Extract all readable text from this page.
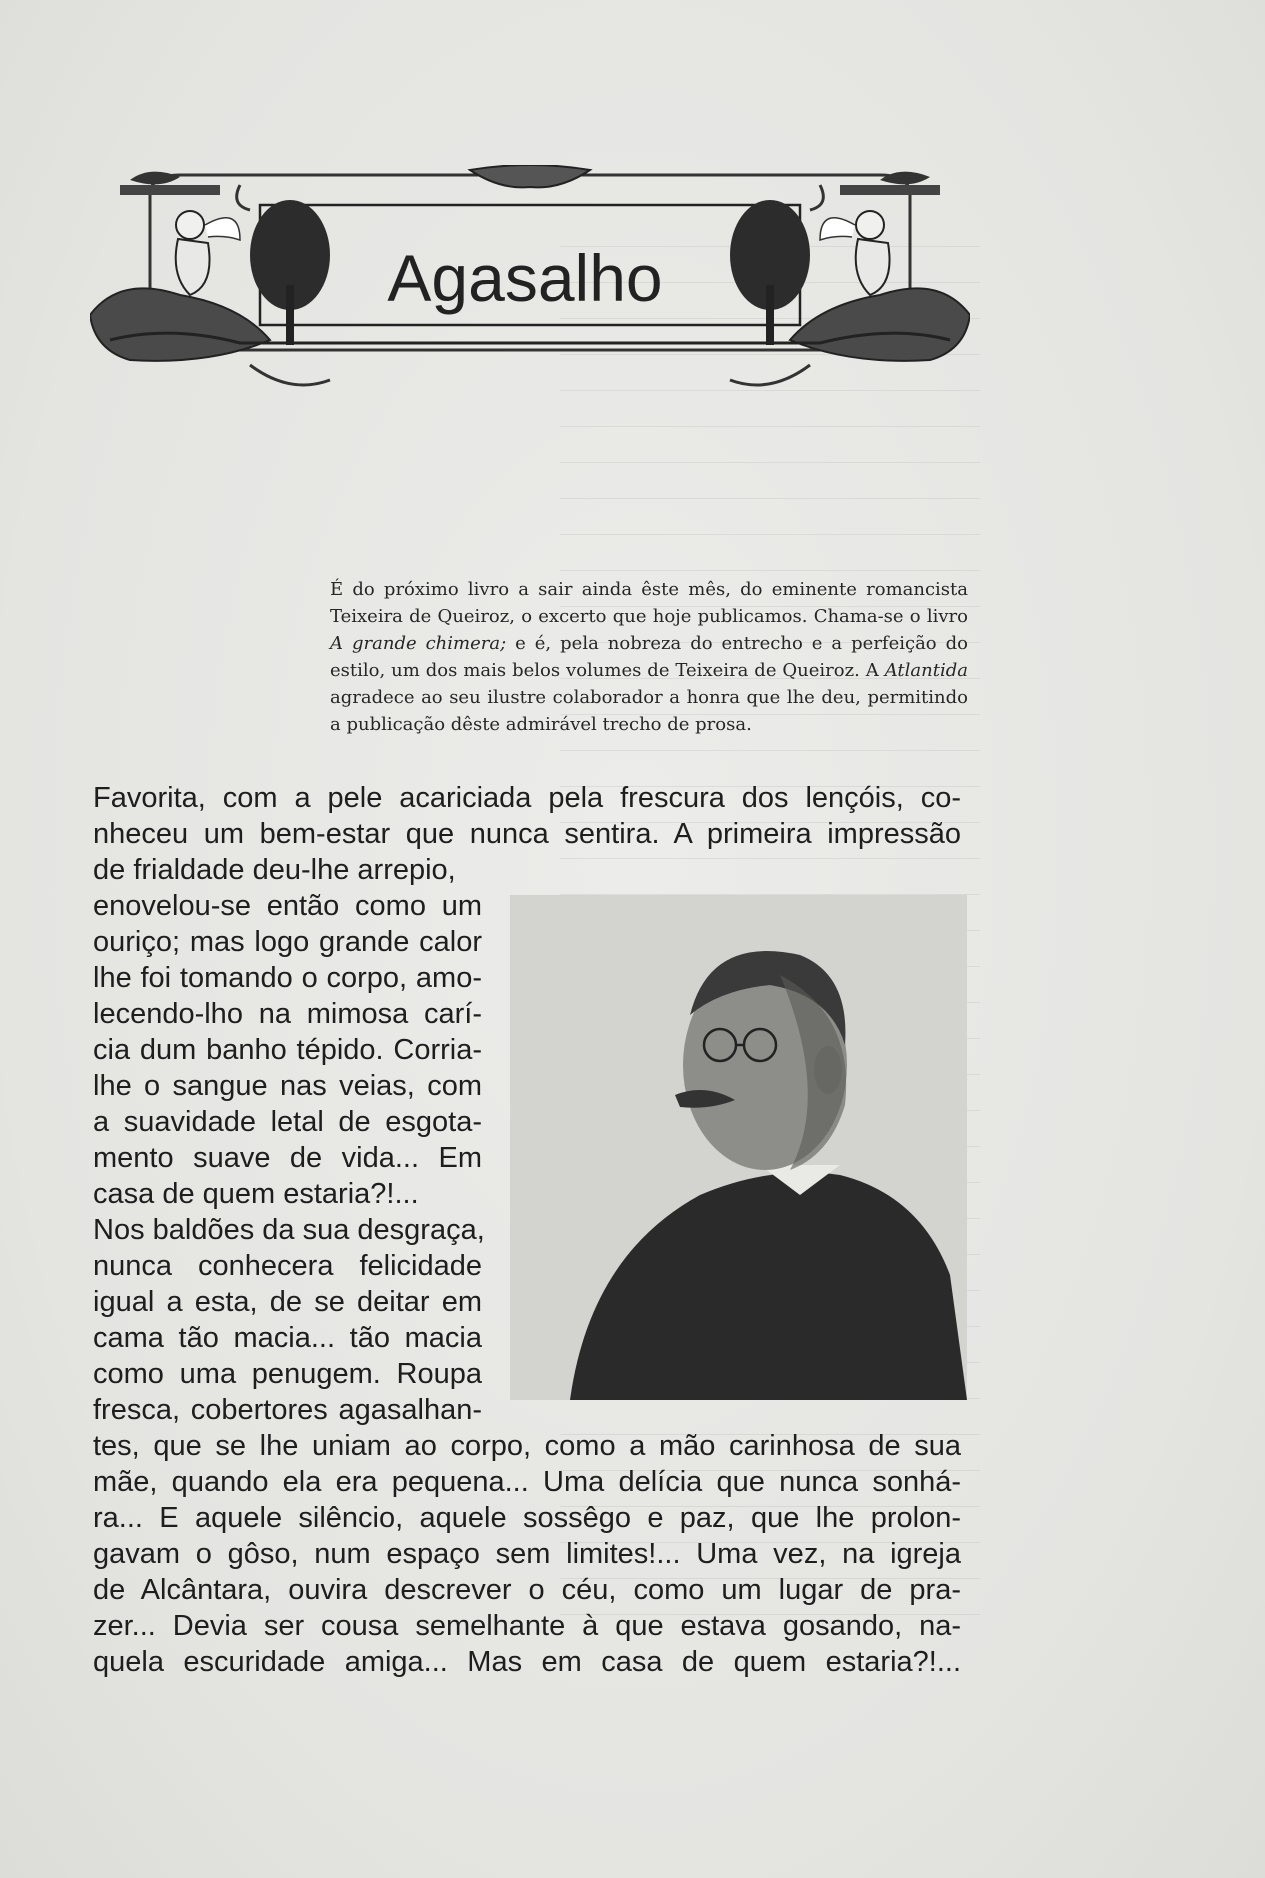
Agasalho
É do próximo livro a sair ainda êste mês, do eminente romancista Teixeira de Queiroz, o excerto que hoje publicamos. Chama-se o livro A grande chimera; e é, pela nobreza do entrecho e a perfeição do estilo, um dos mais belos volumes de Teixeira de Queiroz. A Atlantida agradece ao seu ilustre colaborador a honra que lhe deu, permitindo a publicação dêste admirável trecho de prosa.
Favorita, com a pele acariciada pela frescura dos lençóis, co-
nheceu um bem-estar que nunca sentira. A primeira impressão
de frialdade deu-lhe arrepio,
enovelou-se então como um
ouriço; mas logo grande calor
lhe foi tomando o corpo, amo-
lecendo-lho na mimosa carí-
cia dum banho tépido. Corria-
lhe o sangue nas veias, com
a suavidade letal de esgota-
mento suave de vida... Em
casa de quem estaria?!...
Nos baldões da sua desgraça,
nunca conhecera felicidade
igual a esta, de se deitar em
cama tão macia... tão macia
como uma penugem. Roupa
fresca, cobertores agasalhan-
tes, que se lhe uniam ao corpo, como a mão carinhosa de sua
mãe, quando ela era pequena... Uma delícia que nunca sonhá-
ra... E aquele silêncio, aquele sossêgo e paz, que lhe prolon-
gavam o gôso, num espaço sem limites!... Uma vez, na igreja
de Alcântara, ouvira descrever o céu, como um lugar de pra-
zer... Devia ser cousa semelhante à que estava gosando, na-
quela escuridade amiga... Mas em casa de quem estaria?!...
